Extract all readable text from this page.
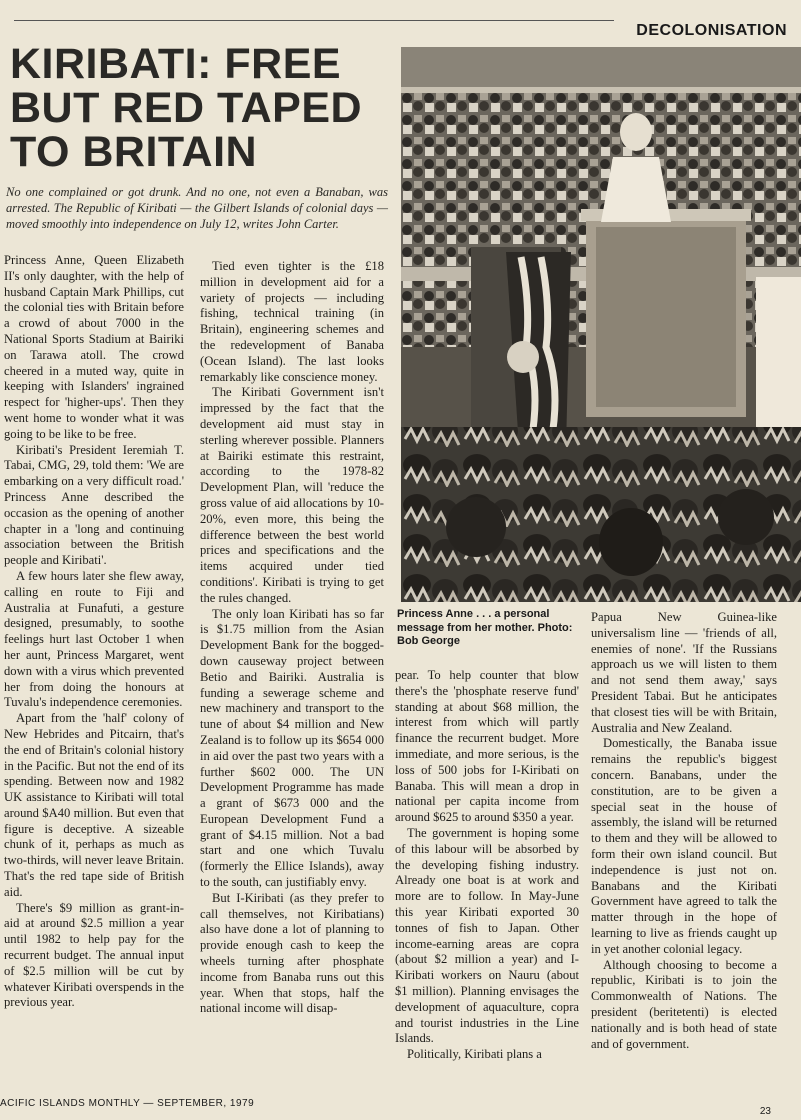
DECOLONISATION
KIRIBATI: FREE
BUT RED TAPED
TO BRITAIN

No one complained or got drunk. And no one, not even a Banaban, was arrested. The Republic of Kiribati — the Gilbert Islands of colonial days — moved smoothly into independence on July 12, writes John Carter.

Princess Anne . . . a personal message from her mother. Photo: Bob George

Princess Anne, Queen Elizabeth II's only daughter, with the help of husband Captain Mark Phillips, cut the colonial ties with Britain before a crowd of about 7000 in the National Sports Stadium at Bairiki on Tarawa atoll. The crowd cheered in a muted way, quite in keeping with Islanders' ingrained respect for 'higher-ups'. Then they went home to wonder what it was going to be like to be free.

Kiribati's President Ieremiah T. Tabai, CMG, 29, told them: 'We are embarking on a very difficult road.' Princess Anne described the occasion as the opening of another chapter in a 'long and continuing association between the British people and Kiribati'.

A few hours later she flew away, calling en route to Fiji and Australia at Funafuti, a gesture designed, presumably, to soothe feelings hurt last October 1 when her aunt, Princess Margaret, went down with a virus which prevented her from doing the honours at Tuvalu's independence ceremonies.

Apart from the 'half' colony of New Hebrides and Pitcairn, that's the end of Britain's colonial history in the Pacific. But not the end of its spending. Between now and 1982 UK assistance to Kiribati will total around $A40 million. But even that figure is deceptive. A sizeable chunk of it, perhaps as much as two-thirds, will never leave Britain. That's the red tape side of British aid.

There's $9 million as grant-in-aid at around $2.5 million a year until 1982 to help pay for the recurrent budget. The annual input of $2.5 million will be cut by whatever Kiribati overspends in the previous year.

Tied even tighter is the £18 million in development aid for a variety of projects — including fishing, technical training (in Britain), engineering schemes and the redevelopment of Banaba (Ocean Island). The last looks remarkably like conscience money.

The Kiribati Government isn't impressed by the fact that the development aid must stay in sterling wherever possible. Planners at Bairiki estimate this restraint, according to the 1978-82 Development Plan, will 'reduce the gross value of aid allocations by 10-20%, even more, this being the difference between the best world prices and specifications and the items acquired under tied conditions'. Kiribati is trying to get the rules changed.

The only loan Kiribati has so far is $1.75 million from the Asian Development Bank for the bogged-down causeway project between Betio and Bairiki. Australia is funding a sewerage scheme and new machinery and transport to the tune of about $4 million and New Zealand is to follow up its $654 000 in aid over the past two years with a further $602 000. The UN Development Programme has made a grant of $673 000 and the European Development Fund a grant of $4.15 million. Not a bad start and one which Tuvalu (formerly the Ellice Islands), away to the south, can justifiably envy.

But I-Kiribati (as they prefer to call themselves, not Kiribatians) also have done a lot of planning to provide enough cash to keep the wheels turning after phosphate income from Banaba runs out this year. When that stops, half the national income will disap-

pear. To help counter that blow there's the 'phosphate reserve fund' standing at about $68 million, the interest from which will partly finance the recurrent budget. More immediate, and more serious, is the loss of 500 jobs for I-Kiribati on Banaba. This will mean a drop in national per capita income from around $625 to around $350 a year.

The government is hoping some of this labour will be absorbed by the developing fishing industry. Already one boat is at work and more are to follow. In May-June this year Kiribati exported 30 tonnes of fish to Japan. Other income-earning areas are copra (about $2 million a year) and I-Kiribati workers on Nauru (about $1 million). Planning envisages the development of aquaculture, copra and tourist industries in the Line Islands.

Politically, Kiribati plans a

Papua New Guinea-like universalism line — 'friends of all, enemies of none'. 'If the Russians approach us we will listen to them and not send them away,' says President Tabai. But he anticipates that closest ties will be with Britain, Australia and New Zealand.

Domestically, the Banaba issue remains the republic's biggest concern. Banabans, under the constitution, are to be given a special seat in the house of assembly, the island will be returned to them and they will be allowed to form their own island council. But independence is just not on. Banabans and the Kiribati Government have agreed to talk the matter through in the hope of learning to live as friends caught up in yet another colonial legacy.

Although choosing to become a republic, Kiribati is to join the Commonwealth of Nations. The president (beritetenti) is elected nationally and is both head of state and of government.

ACIFIC ISLANDS MONTHLY — SEPTEMBER, 1979
23
